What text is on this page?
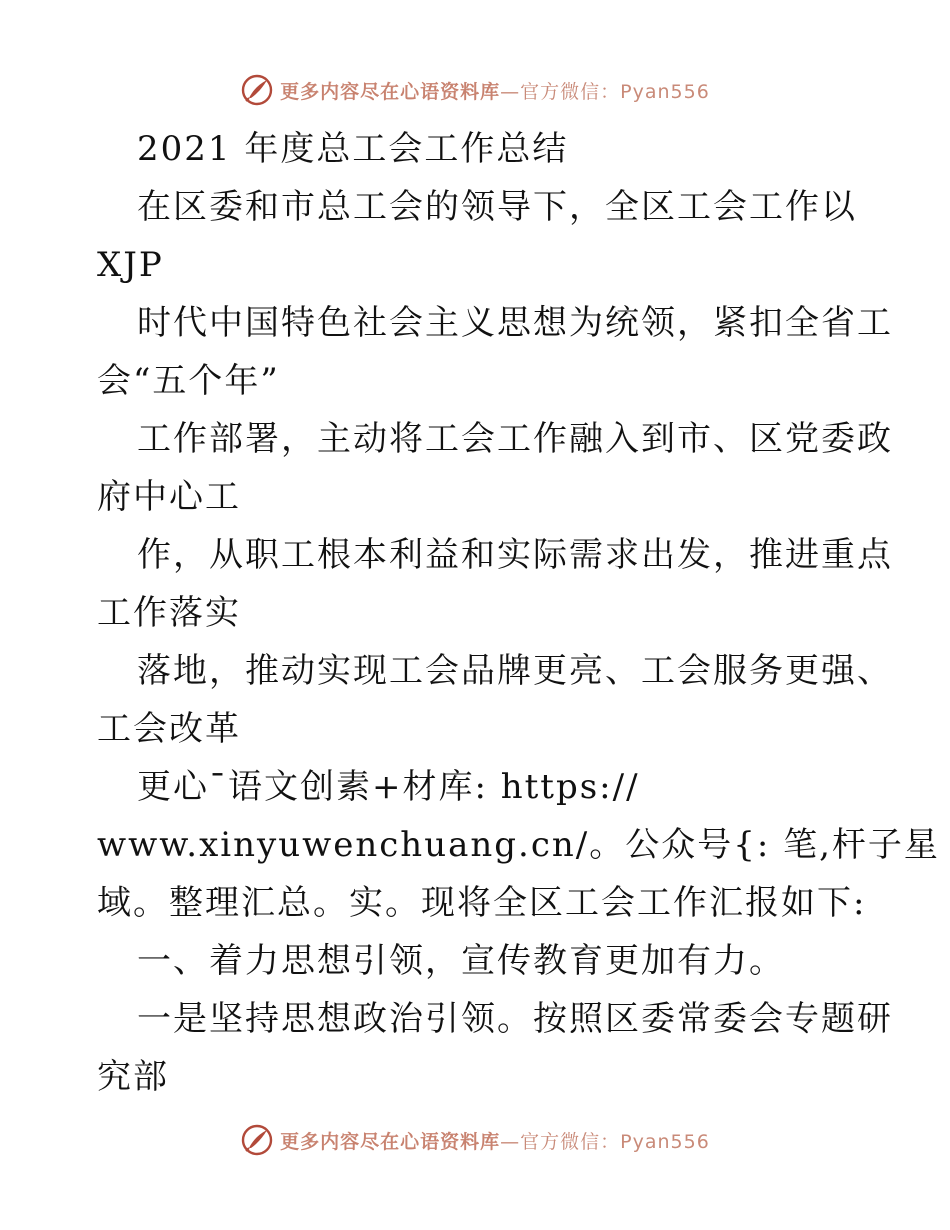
更多内容尽在心语资料库—官方微信：Pyan556
2021 年度总工会工作总结
在区委和市总工会的领导下，全区工会工作以
XJP
时代中国特色社会主义思想为统领，紧扣全省工
会“五个年”
工作部署，主动将工会工作融入到市、区党委政
府中心工
作，从职工根本利益和实际需求出发，推进重点
工作落实
落地，推动实现工会品牌更亮、工会服务更强、
工会改革
更心¯语文创素+材库: https://
www.xinyuwenchuang.cn/。公众号{: 笔,杆子星
域。整理汇总。实。现将全区工会工作汇报如下:
一、着力思想引领，宣传教育更加有力。
一是坚持思想政治引领。按照区委常委会专题研
究部
更多内容尽在心语资料库—官方微信：Pyan556
